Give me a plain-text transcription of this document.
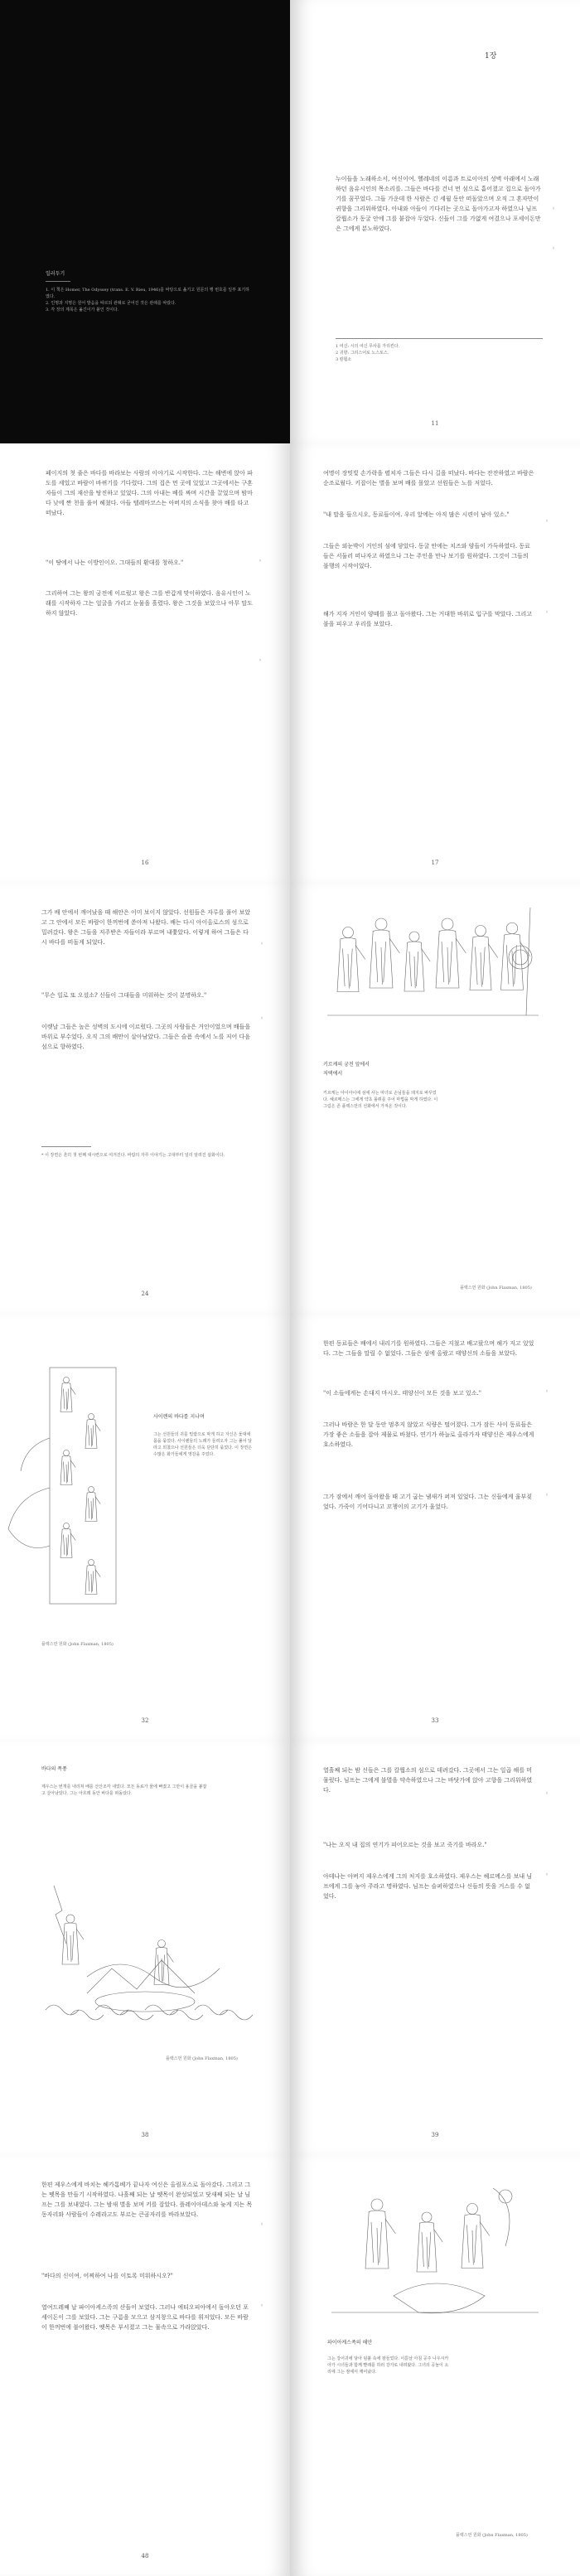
일러두기
1. 이 책은 Homer, The Odyssey (trans. E. V. Rieu, 1946)를 바탕으로 옮기고 원문의 행 번호를 일부 표기하였다.
2. 인명과 지명은 원어 발음을 따르되 관례로 굳어진 것은 관례를 따랐다.
3. 각 장의 제목은 옮긴이가 붙인 것이다.
1장
누이들을 노래하소서, 여신이여. 헬레네의 이름과 트로이아의 성벽 아래에서 노래하던 음유시인의 목소리를. 그들은 바다를 건너 먼 섬으로 흩어졌고 집으로 돌아가기를 꿈꾸었다. 그들 가운데 한 사람은 긴 세월 동안 떠돌았으며 오직 그 혼자만이 귀향을 그리워하였다. 아내와 아들이 기다리는 곳으로 돌아가고자 하였으나 님프 칼륍소가 동굴 안에 그를 붙잡아 두었다. 신들이 그를 가엾게 여겼으나 포세이돈만은 그에게 분노하였다.
◦
◦
1 여신: 시의 여신 무사를 가리킨다.
2 귀향: 그리스어로 노스토스.
3 칼륍소
11
페이지의 첫 줄은 바다를 바라보는 사람의 이야기로 시작한다. 그는 해변에 앉아 파도를 세었고 바람이 바뀌기를 기다렸다. 그의 집은 먼 곳에 있었고 그곳에서는 구혼자들이 그의 재산을 탕진하고 있었다. 그의 아내는 베를 짜며 시간을 끌었으며 밤마다 낮에 짠 천을 풀어 헤쳤다. 아들 텔레마코스는 아버지의 소식을 찾아 배를 타고 떠났다.
"이 땅에서 나는 이방인이오. 그대들의 환대를 청하오."
그리하여 그는 왕의 궁전에 이르렀고 왕은 그를 반갑게 맞이하였다. 음유시인이 노래를 시작하자 그는 얼굴을 가리고 눈물을 흘렸다. 왕은 그것을 보았으나 아무 말도 하지 않았다.
◦
◦
16
여명이 장밋빛 손가락을 펼치자 그들은 다시 길을 떠났다. 바다는 잔잔하였고 바람은 순조로웠다. 키잡이는 별을 보며 배를 몰았고 선원들은 노를 저었다.
"내 말을 들으시오, 동료들이여. 우리 앞에는 아직 많은 시련이 남아 있소."
그들은 외눈박이 거인의 섬에 닿았다. 동굴 안에는 치즈와 양들이 가득하였다. 동료들은 서둘러 떠나자고 하였으나 그는 주인을 만나 보기를 원하였다. 그것이 그들의 불행의 시작이었다.
해가 지자 거인이 양떼를 몰고 돌아왔다. 그는 거대한 바위로 입구를 막았다. 그리고 불을 피우고 우리를 보았다.
◦
◦
17
그가 배 안에서 깨어났을 때 해안은 이미 보이지 않았다. 선원들은 자루를 풀어 보았고 그 안에서 모든 바람이 한꺼번에 쏟아져 나왔다. 배는 다시 아이올로스의 섬으로 밀려갔다. 왕은 그들을 저주받은 자들이라 부르며 내쫓았다. 이렇게 하여 그들은 다시 바다를 떠돌게 되었다.
"무슨 일로 또 오셨소? 신들이 그대들을 미워하는 것이 분명하오."
이렛날 그들은 높은 성벽의 도시에 이르렀다. 그곳의 사람들은 거인이었으며 배들을 바위로 부수었다. 오직 그의 배만이 살아남았다. 그들은 슬픔 속에서 노를 저어 다음 섬으로 향하였다.
◦
◦
* 이 장면은 흔히 첫 번째 대시련으로 여겨진다. 바람의 자루 이야기는 고대부터 널리 알려진 삽화이다.
24
키르케의 궁전 앞에서
저택에서
키르케는 아이아이에 섬에 사는 마녀로 손님들을 돼지로 바꾸었다. 헤르메스는 그에게 약초 몰뤼를 주어 마법을 막게 하였다. 이 그림은 존 플랙스먼의 선화에서 가져온 것이다.
플랙스먼 원화 (John Flaxman, 1805)
사이렌의 바다를 지나며
그는 선원들의 귀를 밀랍으로 막게 하고 자신은 돛대에 몸을 묶었다. 사이렌들의 노래가 들려오자 그는 풀어 달라고 외쳤으나 선원들은 더욱 단단히 묶었다. 이 장면은 수많은 화가들에게 영감을 주었다.
플랙스먼 원화 (John Flaxman, 1805)
32
한편 동료들은 배에서 내리기를 원하였다. 그들은 지쳤고 배고팠으며 해가 지고 있었다. 그는 그들을 말릴 수 없었다. 그들은 섬에 올랐고 태양신의 소들을 보았다.
"이 소들에게는 손대지 마시오. 태양신이 모든 것을 보고 있소."
그러나 바람은 한 달 동안 멈추지 않았고 식량은 떨어졌다. 그가 잠든 사이 동료들은 가장 좋은 소들을 잡아 제물로 바쳤다. 연기가 하늘로 올라가자 태양신은 제우스에게 호소하였다.
그가 잠에서 깨어 돌아왔을 때 고기 굽는 냄새가 퍼져 있었다. 그는 신들에게 울부짖었다. 가죽이 기어다니고 꼬챙이의 고기가 울었다.
◦
◦
33
바다의 폭풍
제우스는 번개를 내리쳐 배를 산산조각 내었다. 모든 동료가 물에 빠졌고 그만이 용골을 붙잡고 살아남았다. 그는 아흐레 동안 바다를 떠돌았다.
플랙스먼 원화 (John Flaxman, 1805)
38
열흘째 되는 밤 신들은 그를 칼륍소의 섬으로 데려갔다. 그곳에서 그는 일곱 해를 머물렀다. 님프는 그에게 불멸을 약속하였으나 그는 바닷가에 앉아 고향을 그리워하였다.
"나는 오직 내 집의 연기가 피어오르는 것을 보고 죽기를 바라오."
아테나는 아버지 제우스에게 그의 처지를 호소하였다. 제우스는 헤르메스를 보내 님프에게 그를 놓아 주라고 명하였다. 님프는 슬퍼하였으나 신들의 뜻을 거스를 수 없었다.
◦
◦
39
한편 제우스에게 바치는 헤카톰베가 끝나자 여신은 올림포스로 돌아갔다. 그리고 그는 뗏목을 만들기 시작하였다. 나흘째 되는 날 뗏목이 완성되었고 닷새째 되는 날 님프는 그를 보내었다. 그는 밤새 별을 보며 키를 잡았다. 플레이아데스와 늦게 지는 목동자리와 사람들이 수레라고도 부르는 큰곰자리를 바라보았다.
"바다의 신이여, 어찌하여 나를 이토록 미워하시오?"
열여드레째 날 파이아케스족의 산들이 보였다. 그러나 에티오피아에서 돌아오던 포세이돈이 그를 보았다. 그는 구름을 모으고 삼지창으로 바다를 휘저었다. 모든 바람이 한꺼번에 불어왔다. 뗏목은 부서졌고 그는 물속으로 가라앉았다.
◦
◦
48
파이아케스족의 해안
그는 강어귀에 닿아 덤불 속에 잠들었다. 이튿날 아침 공주 나우시카아가 시녀들과 함께 빨래를 하러 강가로 내려왔다. 그녀의 공놀이 소리에 그는 잠에서 깨어났다.
플랙스먼 원화 (John Flaxman, 1805)
